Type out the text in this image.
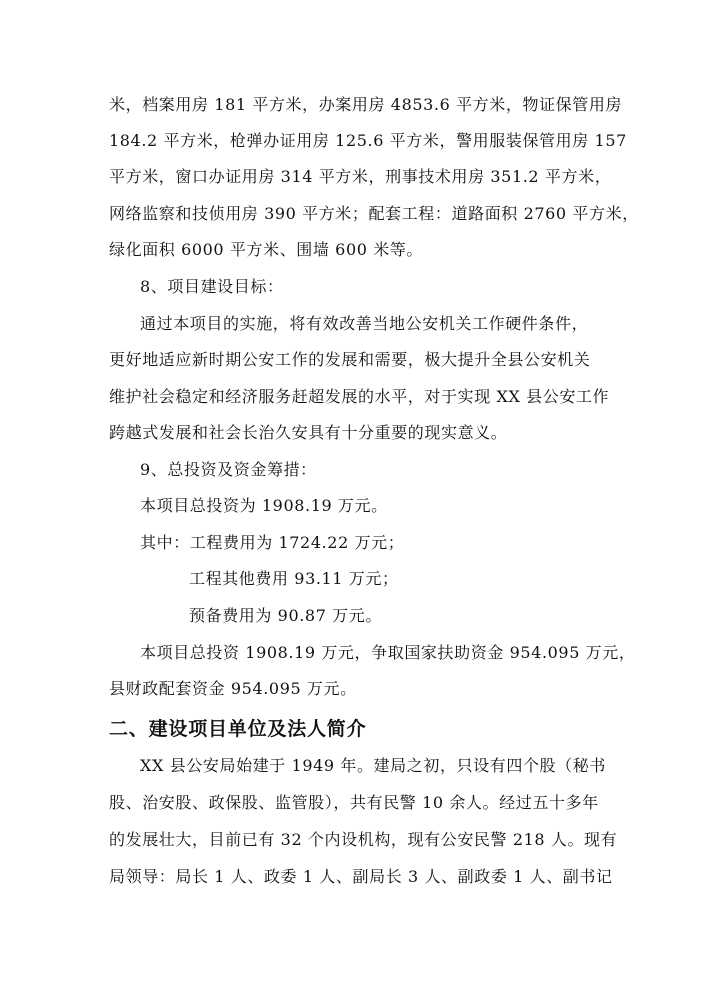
米，档案用房 181 平方米，办案用房 4853.6 平方米，物证保管用房
184.2 平方米，枪弹办证用房 125.6 平方米，警用服装保管用房 157
平方米，窗口办证用房 314 平方米，刑事技术用房 351.2 平方米，
网络监察和技侦用房 390 平方米；配套工程：道路面积 2760 平方米，
绿化面积 6000 平方米、围墙 600 米等。
8、项目建设目标：
通过本项目的实施，将有效改善当地公安机关工作硬件条件，
更好地适应新时期公安工作的发展和需要，极大提升全县公安机关
维护社会稳定和经济服务赶超发展的水平，对于实现 XX 县公安工作
跨越式发展和社会长治久安具有十分重要的现实意义。
9、总投资及资金筹措：
本项目总投资为 1908.19 万元。
其中：工程费用为 1724.22 万元；
工程其他费用 93.11 万元；
预备费用为 90.87 万元。
本项目总投资 1908.19 万元，争取国家扶助资金 954.095 万元，
县财政配套资金 954.095 万元。
二、建设项目单位及法人简介
XX 县公安局始建于 1949 年。建局之初，只设有四个股（秘书
股、治安股、政保股、监管股），共有民警 10 余人。经过五十多年
的发展壮大，目前已有 32 个内设机构，现有公安民警 218 人。现有
局领导：局长 1 人、政委 1 人、副局长 3 人、副政委 1 人、副书记
